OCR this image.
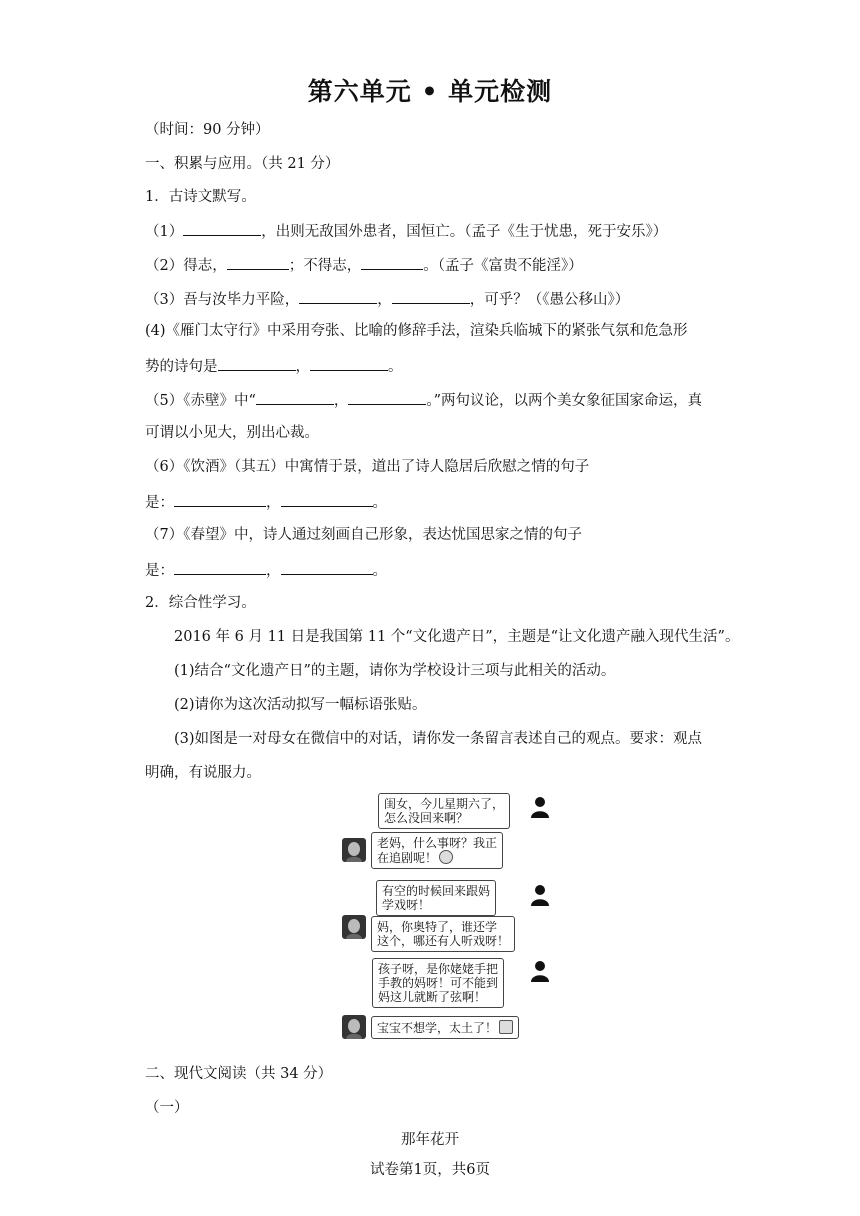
第六单元 • 单元检测
（时间：90 分钟）
一、积累与应用。（共 21 分）
1．古诗文默写。
（1）	，出则无敌国外患者，国恒亡。（孟子《生于忧患，死于安乐》）
（2）得志，	；不得志，	。（孟子《富贵不能淫》）
（3）吾与汝毕力平险，	，	，可乎？（《愚公移山》）
(4)《雁门太守行》中采用夸张、比喻的修辞手法，渲染兵临城下的紧张气氛和危急形
势的诗句是	，	。
（5）《赤壁》中“	，	。”两句议论，以两个美女象征国家命运，真
可谓以小见大，别出心裁。
（6）《饮酒》（其五）中寓情于景，道出了诗人隐居后欣慰之情的句子
是：	，	。
（7）《春望》中，诗人通过刻画自己形象，表达忧国思家之情的句子
是：	，	。
2．综合性学习。
2016 年 6 月 11 日是我国第 11 个“文化遗产日”，主题是“让文化遗产融入现代生活”。
(1)结合“文化遗产日”的主题，请你为学校设计三项与此相关的活动。
(2)请你为这次活动拟写一幅标语张贴。
(3)如图是一对母女在微信中的对话，请你发一条留言表述自己的观点。要求：观点
明确，有说服力。
闺女，今儿星期六了，
怎么没回来啊？
老妈，什么事呀？我正
在追剧呢！
有空的时候回来跟妈
学戏呀！
妈，你奥特了，谁还学
这个，哪还有人听戏呀！
孩子呀，是你姥姥手把
手教的妈呀！可不能到
妈这儿就断了弦啊！
宝宝不想学，太土了！
二、现代文阅读（共 34 分）
（一）
那年花开
试卷第1页，共6页
